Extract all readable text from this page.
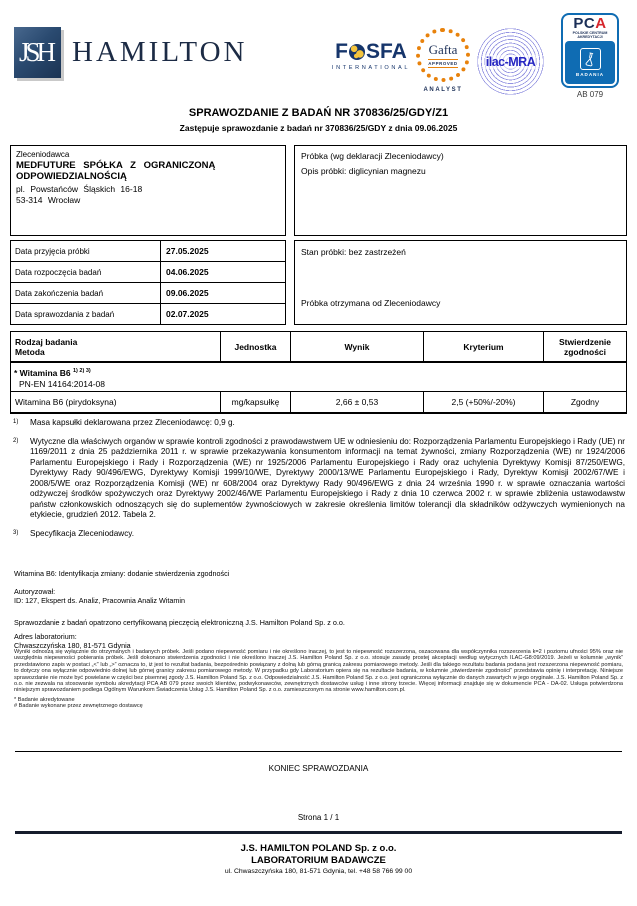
JSH HAMILTON	F SFA
INTERNATIONAL
Gafta
APPROVED
ANALYST
ilac-MRA
PCA
POLSKIE CENTRUM
AKREDYTACJI
BADANIA
AB 079
SPRAWOZDANIE Z BADAŃ NR 370836/25/GDY/Z1
Zastępuje sprawozdanie z badań nr 370836/25/GDY z dnia 09.06.2025
Zleceniodawca
MEDFUTURE SPÓŁKA Z OGRANICZONĄ
ODPOWIEDZIALNOŚCIĄ
pl. Powstańców Śląskich 16-18
53-314 Wrocław
Próbka (wg deklaracji Zleceniodawcy)
Opis próbki: diglicynian magnezu
Data przyjęcia próbki	27.05.2025
Data rozpoczęcia badań	04.06.2025
Data zakończenia badań	09.06.2025
Data sprawozdania z badań	02.07.2025
Stan próbki: bez zastrzeżeń
Próbka otrzymana od Zleceniodawcy
Rodzaj badania
Metoda	Jednostka	Wynik	Kryterium	Stwierdzenie zgodności
* Witamina B6 $^{1) 2) 3)}$
PN-EN 14164:2014-08
Witamina B6 (pirydoksyna)	mg/kapsułkę	2,66 ± 0,53	2,5 (+50%/-20%)	Zgodny
1)	Masa kapsułki deklarowana przez Zleceniodawcę: 0,9 g.
2)	Wytyczne dla właściwych organów w sprawie kontroli zgodności z prawodawstwem UE w odniesieniu do: Rozporządzenia Parlamentu Europejskiego i Rady (UE) nr 1169/2011 z dnia 25 października 2011 r. w sprawie przekazywania konsumentom informacji na temat żywności, zmiany Rozporządzenia (WE) nr 1924/2006 Parlamentu Europejskiego i Rady i Rozporządzenia (WE) nr 1925/2006 Parlamentu Europejskiego i Rady oraz uchylenia Dyrektywy Komisji 87/250/EWG, Dyrektywy Rady 90/496/EWG, Dyrektywy Komisji 1999/10/WE, Dyrektywy 2000/13/WE Parlamentu Europejskiego i Rady, Dyrektyw Komisji 2002/67/WE i 2008/5/WE oraz Rozporządzenia Komisji (WE) nr 608/2004 oraz Dyrektywy Rady 90/496/EWG z dnia 24 września 1990 r. w sprawie oznaczania wartości odżywczej środków spożywczych oraz Dyrektywy 2002/46/WE Parlamentu Europejskiego i Rady z dnia 10 czerwca 2002 r. w sprawie zbliżenia ustawodawstw państw członkowskich odnoszących się do suplementów żywnościowych w zakresie określenia limitów tolerancji dla składników odżywczych wymienionych na etykiecie, grudzień 2012. Tabela 2.
3)	Specyfikacja Zleceniodawcy.
Witamina B6: Identyfikacja zmiany: dodanie stwierdzenia zgodności
Autoryzował:
ID: 127, Ekspert ds. Analiz, Pracownia Analiz Witamin
Sprawozdanie z badań opatrzono certyfikowaną pieczęcią elektroniczną J.S. Hamilton Poland Sp. z o.o.
Adres laboratorium:
Chwaszczyńska 180, 81-571 Gdynia
Wyniki odnoszą się wyłącznie do otrzymanych i badanych próbek. Jeśli podano niepewność pomiaru i nie określono inaczej, to jest to niepewność rozszerzona, oszacowana dla współczynnika rozszerzenia k=2 i poziomu ufności 95% oraz nie uwzględnia niepewności pobierania próbek. Jeśli dokonano stwierdzenia zgodności i nie określono inaczej J.S. Hamilton Poland Sp. z o.o. stosuje zasadę prostej akceptacji według wytycznych ILAC-G8:09/2019. Jeżeli w kolumnie „wynik” przedstawiono zapis w postaci „<” lub „>” oznacza to, iż jest to rezultat badania, bezpośrednio powiązany z dolną lub górną granicą zakresu pomiarowego metody. Jeśli dla takiego rezultatu badania podana jest rozszerzona niepewność pomiaru, to dotyczy ona wyłącznie odpowiednio dolnej lub górnej granicy zakresu pomiarowego metody. W przypadku gdy Laboratorium opiera się na rezultacie badania, w kolumnie „stwierdzenie zgodności” przedstawia opinię i interpretację. Niniejsze sprawozdanie nie może być powielane w części bez pisemnej zgody J.S. Hamilton Poland Sp. z o.o. Odpowiedzialność J.S. Hamilton Poland Sp. z o.o. jest ograniczona wyłącznie do danych zawartych w jego oryginale. J.S. Hamilton Poland Sp. z o.o. nie zezwala na stosowanie symbolu akredytacji PCA AB 079 przez swoich klientów, podwykonawców, zewnętrznych dostawców usług i inne strony trzecie. Więcej informacji znajduje się w dokumencie PCA - DA-02. Usługa potwierdzona niniejszym sprawozdaniem podlega Ogólnym Warunkom Świadczenia Usług J.S. Hamilton Poland Sp. z o.o. zamieszczonym na stronie www.hamilton.com.pl.
* Badanie akredytowane
# Badanie wykonane przez zewnętrznego dostawcę
KONIEC SPRAWOZDANIA
Strona 1 / 1
J.S. HAMILTON POLAND Sp. z o.o.
LABORATORIUM BADAWCZE
ul. Chwaszczyńska 180, 81-571 Gdynia, tel. +48 58 766 99 00
